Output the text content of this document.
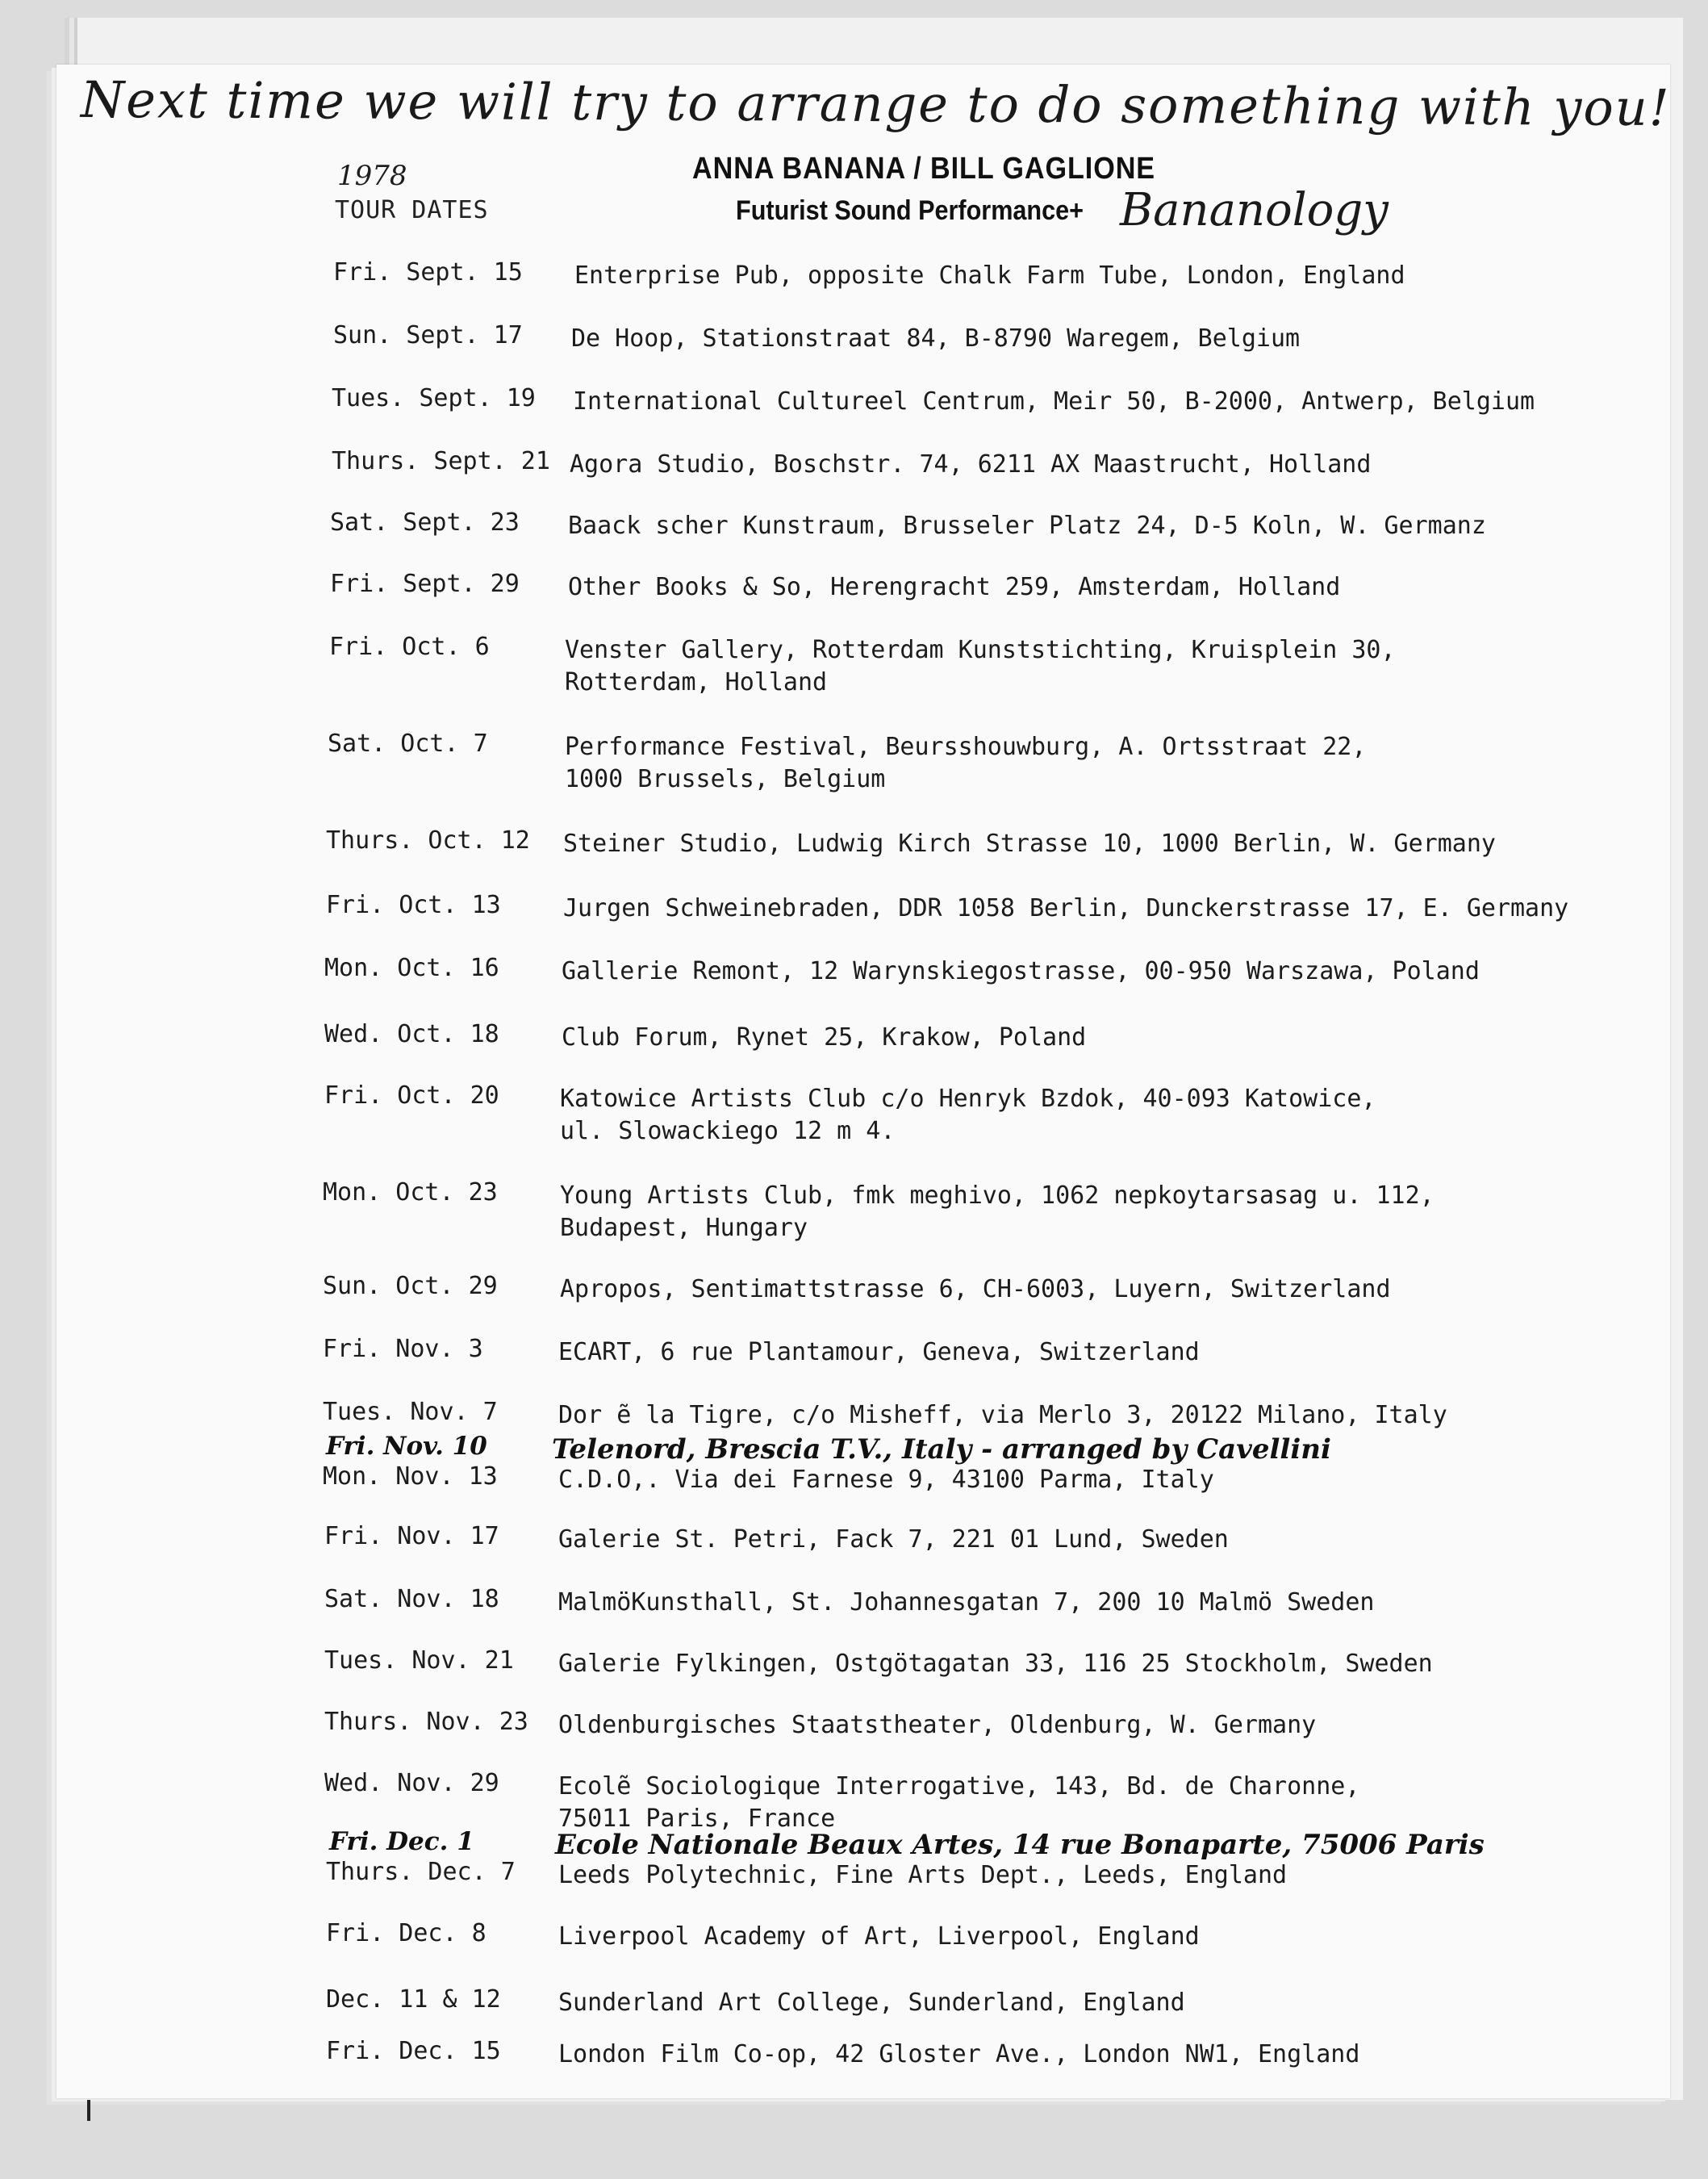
Next time we will try to arrange to do something with you!
1978
TOUR DATES
ANNA BANANA / BILL GAGLIONE
Futurist Sound Performance+ Bananology
Fri. Sept. 15 Enterprise Pub, opposite Chalk Farm Tube, London, England
Sun. Sept. 17 De Hoop, Stationstraat 84, B-8790 Waregem, Belgium
Tues. Sept. 19 International Cultureel Centrum, Meir 50, B-2000, Antwerp, Belgium
Thurs. Sept. 21 Agora Studio, Boschstr. 74, 6211 AX Maastrucht, Holland
Sat. Sept. 23 Baack scher Kunstraum, Brusseler Platz 24, D-5 Koln, W. Germanz
Fri. Sept. 29 Other Books & So, Herengracht 259, Amsterdam, Holland
Fri. Oct. 6	Venster Gallery, Rotterdam Kunststichting, Kruisplein 30,
Rotterdam, Holland
Sat. Oct. 7	Performance Festival, Beursshouwburg, A. Ortsstraat 22,
1000 Brussels, Belgium
Thurs. Oct. 12 Steiner Studio, Ludwig Kirch Strasse 10, 1000 Berlin, W. Germany
Fri. Oct. 13	Jurgen Schweinebraden, DDR 1058 Berlin, Dunckerstrasse 17, E. Germany
Mon. Oct. 16	Gallerie Remont, 12 Warynskiegostrasse, 00-950 Warszawa, Poland
Wed. Oct. 18	Club Forum, Rynet 25, Krakow, Poland
Fri. Oct. 20	Katowice Artists Club c/o Henryk Bzdok, 40-093 Katowice,
ul. Slowackiego 12 m 4.
Mon. Oct. 23	Young Artists Club, fmk meghivo, 1062 nepkoytarsasag u. 112,
Budapest, Hungary
Sun. Oct. 29	Apropos, Sentimattstrasse 6, CH-6003, Luyern, Switzerland
Fri. Nov. 3	ECART, 6 rue Plantamour, Geneva, Switzerland
Tues. Nov. 7	Dor ẽ la Tigre, c/o Misheff, via Merlo 3, 20122 Milano, Italy
Fri. Nov. 10 Telenord, Brescia T.V., Italy - arranged by Cavellini
Mon. Nov. 13	C.D.O,. Via dei Farnese 9, 43100 Parma, Italy
Fri. Nov. 17 Galerie St. Petri, Fack 7, 221 01 Lund, Sweden
Sat. Nov. 18 MalmöKunsthall, St. Johannesgatan 7, 200 10 Malmö Sweden
Tues. Nov. 21 Galerie Fylkingen, Ostgötagatan 33, 116 25 Stockholm, Sweden
Thurs. Nov. 23 Oldenburgisches Staatstheater, Oldenburg, W. Germany
Wed. Nov. 29 Ecolẽ Sociologique Interrogative, 143, Bd. de Charonne,
75011 Paris, France
Fri. Dec. 1	Ecole Nationale Beaux Artes, 14 rue Bonaparte, 75006 Paris
Thurs. Dec. 7 Leeds Polytechnic, Fine Arts Dept., Leeds, England
Fri. Dec. 8	Liverpool Academy of Art, Liverpool, England
Dec. 11 & 12 Sunderland Art College, Sunderland, England
Fri. Dec. 15 London Film Co-op, 42 Gloster Ave., London NW1, England
